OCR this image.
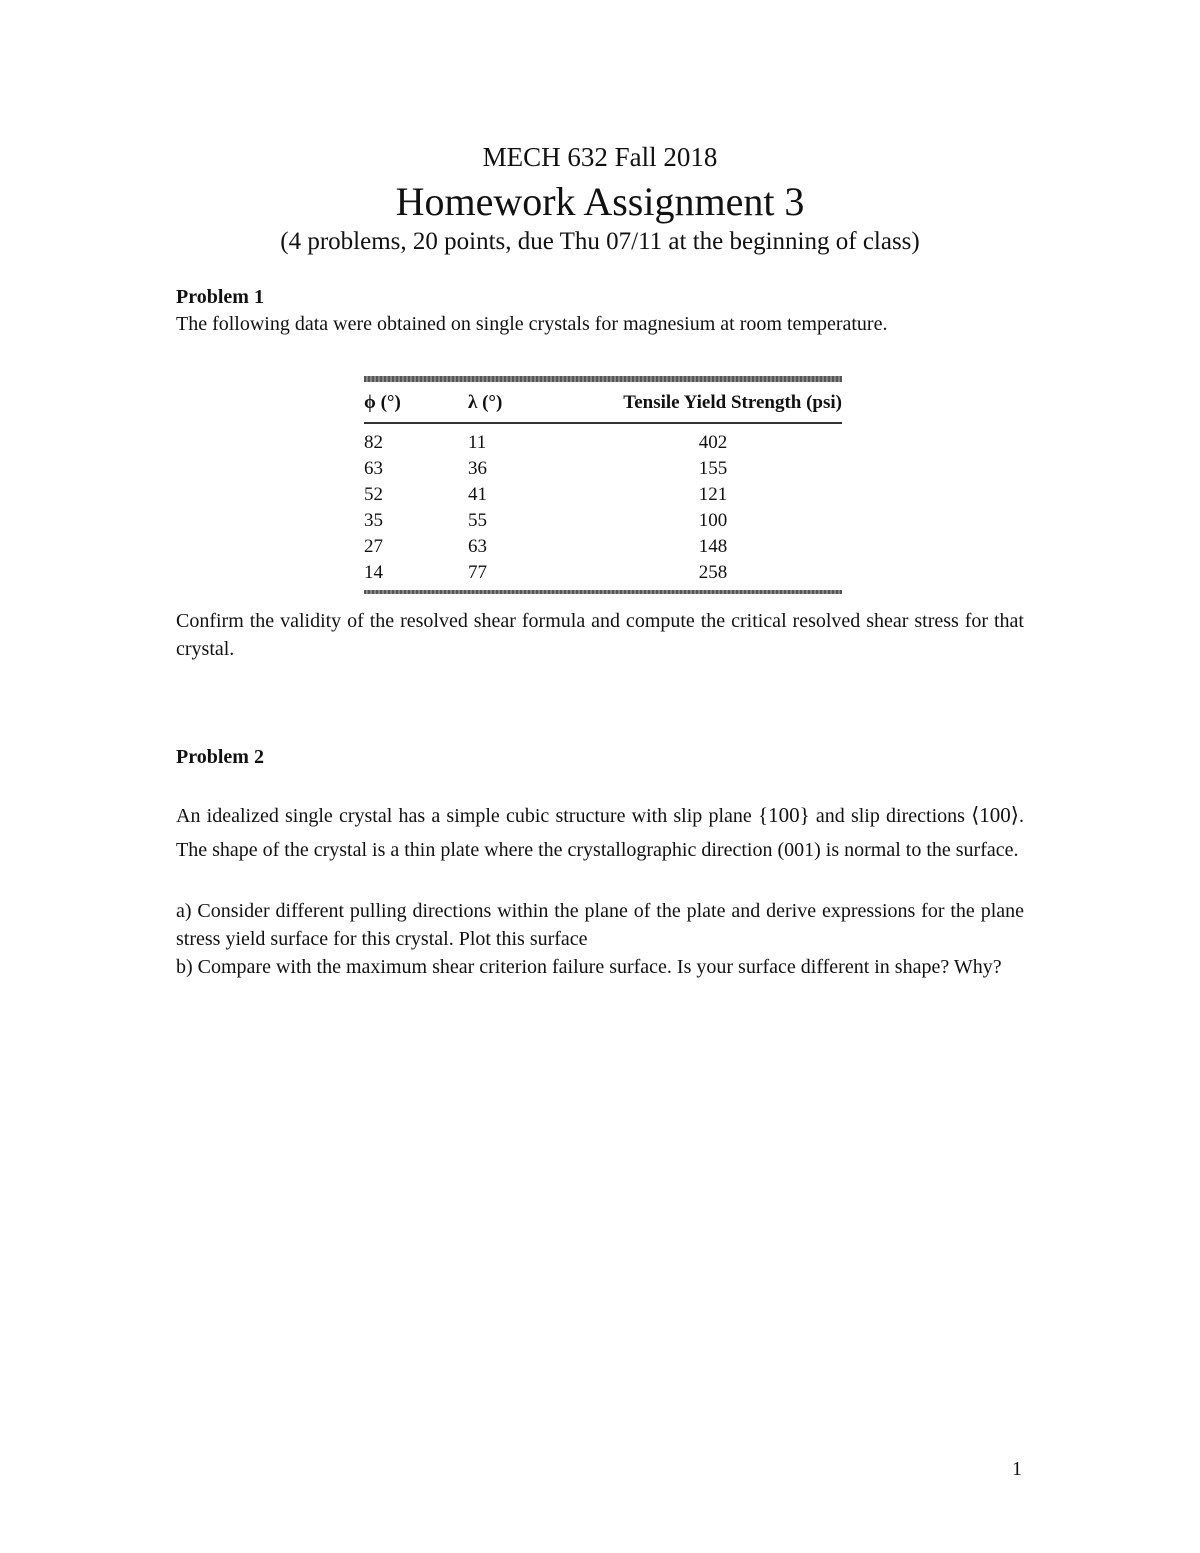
MECH 632 Fall 2018
Homework Assignment 3
(4 problems, 20 points, due Thu 07/11 at the beginning of class)
Problem 1
The following data were obtained on single crystals for magnesium at room temperature.
ϕ (°)	λ (°)	Tensile Yield Strength (psi)
82	11	402
63	36	155
52	41	121
35	55	100
27	63	148
14	77	258
Confirm the validity of the resolved shear formula and compute the critical resolved shear stress for that crystal.
Problem 2
An idealized single crystal has a simple cubic structure with slip plane {100} and slip directions ⟨100⟩. The shape of the crystal is a thin plate where the crystallographic direction (001) is normal to the surface.
a) Consider different pulling directions within the plane of the plate and derive expressions for the plane stress yield surface for this crystal. Plot this surface
b) Compare with the maximum shear criterion failure surface. Is your surface different in shape? Why?
1
